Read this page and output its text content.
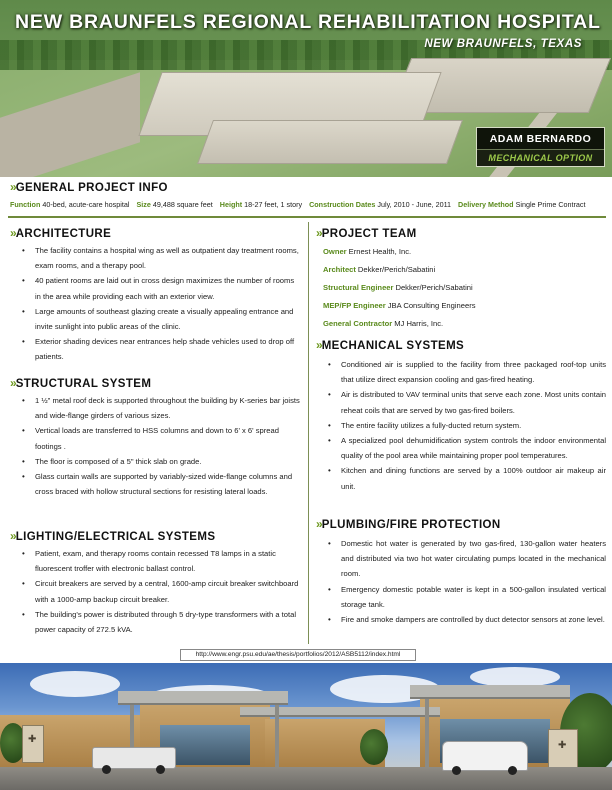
NEW BRAUNFELS REGIONAL REHABILITATION HOSPITAL
NEW BRAUNFELS, TEXAS
ADAM BERNARDO
MECHANICAL OPTION
»GENERAL PROJECT INFO
Function 40-bed, acute-care hospital Size 49,488 square feet Height 18-27 feet, 1 story Construction Dates July, 2010 - June, 2011 Delivery Method Single Prime Contract
»ARCHITECTURE
• The facility contains a hospital wing as well as outpatient day treatment rooms, exam rooms, and a therapy pool.
• 40 patient rooms are laid out in cross design maximizes the number of rooms in the area while providing each with an exterior view.
• Large amounts of southeast glazing create a visually appealing entrance and invite sunlight into public areas of the clinic.
• Exterior shading devices near entrances help shade vehicles used to drop off patients.
»STRUCTURAL SYSTEM
• 1 ½" metal roof deck is supported throughout the building by K-series bar joists and wide-flange girders of various sizes.
• Vertical loads are transferred to HSS columns and down to 6' x 6' spread footings .
• The floor is composed of a 5" thick slab on grade.
• Glass curtain walls are supported by variably-sized wide-flange columns and cross braced with hollow structural sections for resisting lateral loads.
»LIGHTING/ELECTRICAL SYSTEMS
• Patient, exam, and therapy rooms contain recessed T8 lamps in a static fluorescent troffer with electronic ballast control.
• Circuit breakers are served by a central, 1600-amp circuit breaker switchboard with a 1000-amp backup circuit breaker.
• The building's power is distributed through 5 dry-type transformers with a total power capacity of 272.5 kVA.
»PROJECT TEAM
Owner Ernest Health, Inc.
Architect Dekker/Perich/Sabatini
Structural Engineer Dekker/Perich/Sabatini
MEP/FP Engineer JBA Consulting Engineers
General Contractor MJ Harris, Inc.
»MECHANICAL SYSTEMS
• Conditioned air is supplied to the facility from three packaged roof-top units that utilize direct expansion cooling and gas-fired heating.
• Air is distributed to VAV terminal units that serve each zone. Most units contain reheat coils that are served by two gas-fired boilers.
• The entire facility utilizes a fully-ducted return system.
• A specialized pool dehumidification system controls the indoor environmental quality of the pool area while maintaining proper pool temperatures.
• Kitchen and dining functions are served by a 100% outdoor air makeup air unit.
»PLUMBING/FIRE PROTECTION
• Domestic hot water is generated by two gas-fired, 130-gallon water heaters and distributed via two hot water circulating pumps located in the mechanical room.
• Emergency domestic potable water is kept in a 500-gallon insulated vertical storage tank.
• Fire and smoke dampers are controlled by duct detector sensors at zone level.
http://www.engr.psu.edu/ae/thesis/portfolios/2012/ASB5112/index.html
✚
✚
